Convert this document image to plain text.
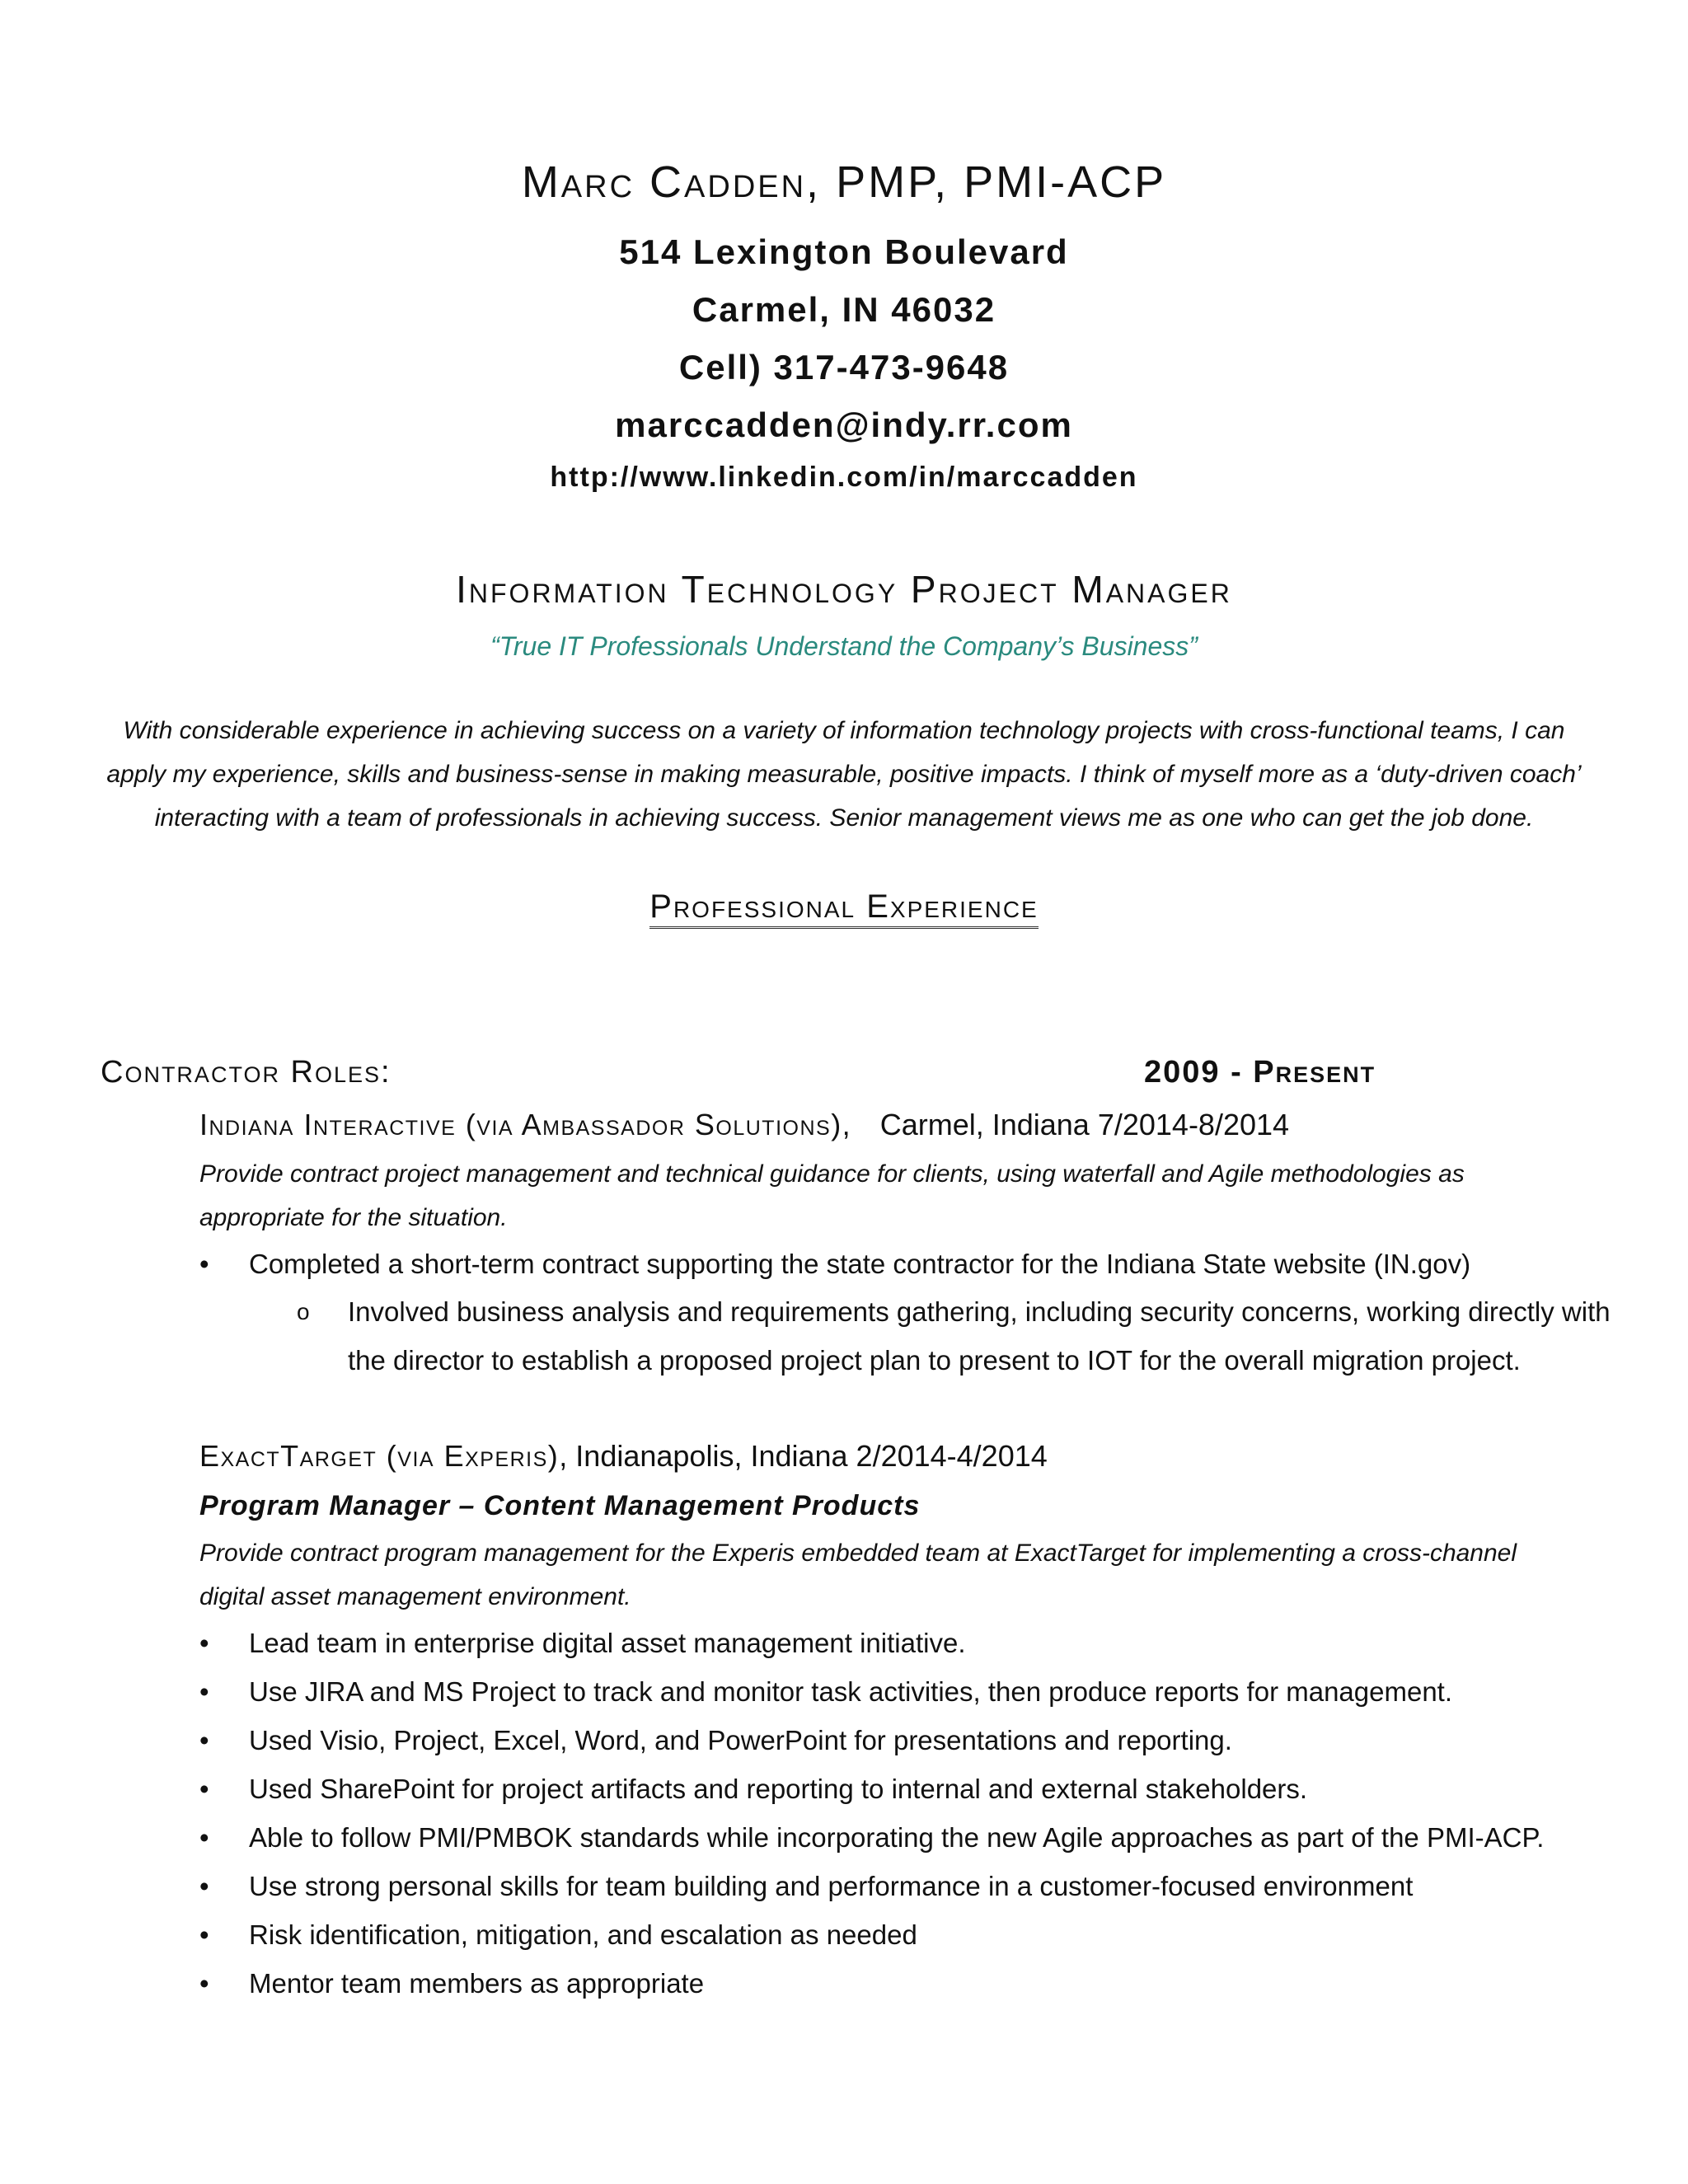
Marc Cadden, PMP, PMI-ACP
514 Lexington Boulevard
Carmel, IN 46032
Cell) 317-473-9648
marccadden@indy.rr.com
http://www.linkedin.com/in/marccadden
Information Technology Project Manager
“True IT Professionals Understand the Company’s Business”
With considerable experience in achieving success on a variety of information technology projects with cross-functional teams, I can apply my experience, skills and business-sense in making measurable, positive impacts. I think of myself more as a ‘duty-driven coach’ interacting with a team of professionals in achieving success. Senior management views me as one who can get the job done.
Professional Experience
Contractor Roles:	2009 - Present
Indiana Interactive (via Ambassador Solutions), Carmel, Indiana 7/2014-8/2014
Provide contract project management and technical guidance for clients, using waterfall and Agile methodologies as appropriate for the situation.
•	Completed a short-term contract supporting the state contractor for the Indiana State website (IN.gov)
o Involved business analysis and requirements gathering, including security concerns, working directly with the director to establish a proposed project plan to present to IOT for the overall migration project.
ExactTarget (via Experis), Indianapolis, Indiana 2/2014-4/2014
Program Manager – Content Management Products
Provide contract program management for the Experis embedded team at ExactTarget for implementing a cross-channel digital asset management environment.
•	Lead team in enterprise digital asset management initiative.
•	Use JIRA and MS Project to track and monitor task activities, then produce reports for management.
•	Used Visio, Project, Excel, Word, and PowerPoint for presentations and reporting.
•	Used SharePoint for project artifacts and reporting to internal and external stakeholders.
•	Able to follow PMI/PMBOK standards while incorporating the new Agile approaches as part of the PMI-ACP.
•	Use strong personal skills for team building and performance in a customer-focused environment
•	Risk identification, mitigation, and escalation as needed
•	Mentor team members as appropriate
